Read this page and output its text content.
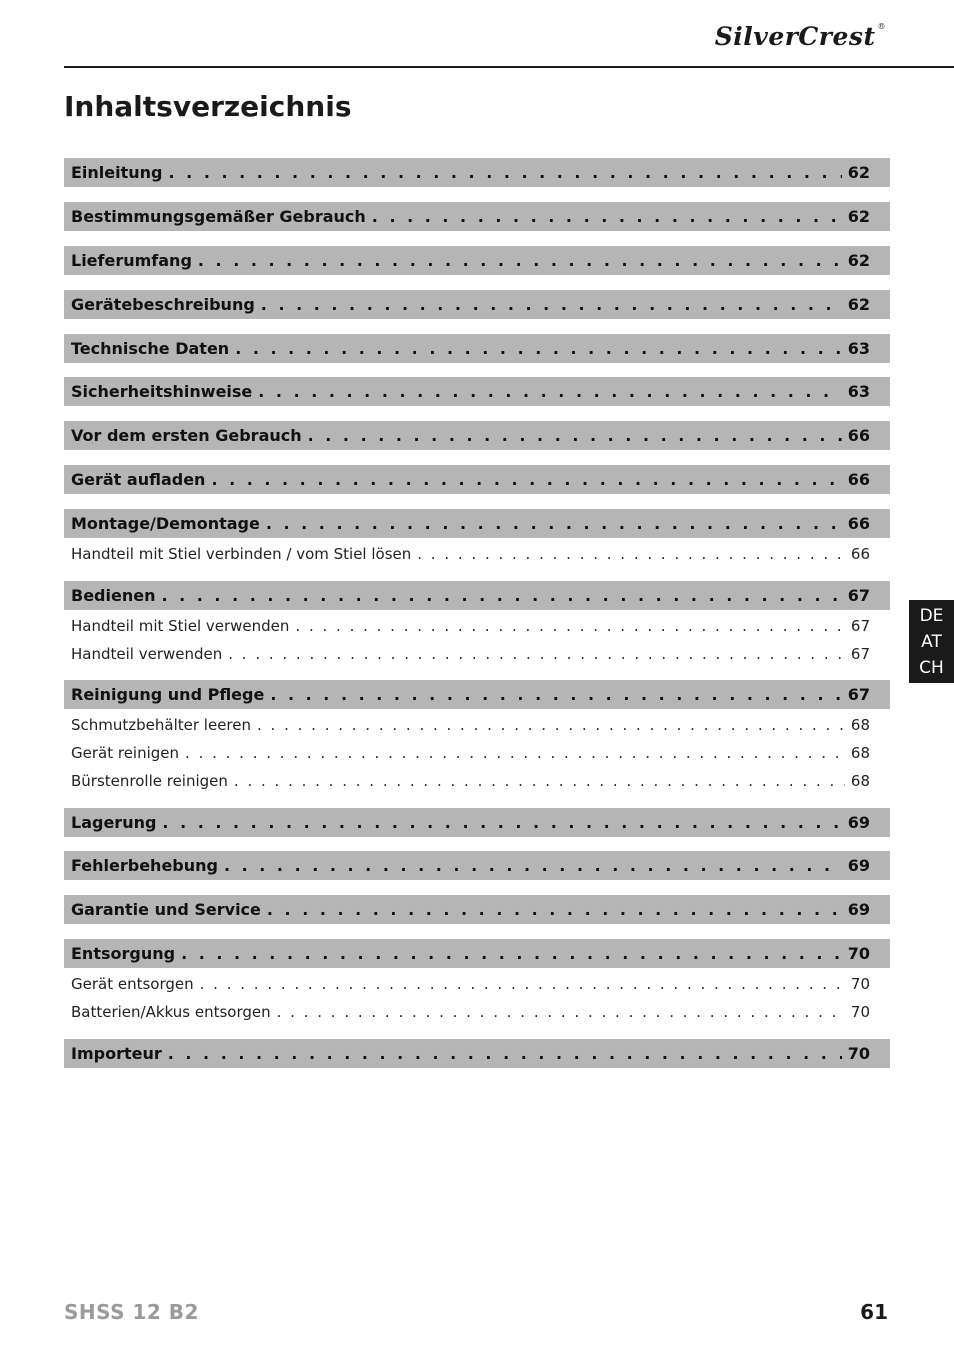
SilverCrest ®
Inhaltsverzeichnis
Einleitung . . .	62
Bestimmungsgemäßer Gebrauch . . .	62
Lieferumfang . . .	62
Gerätebeschreibung . . .	62
Technische Daten . . .	63
Sicherheitshinweise . . .	63
Vor dem ersten Gebrauch . . .	66
Gerät aufladen . . .	66
Montage/Demontage . . .	66
Handteil mit Stiel verbinden / vom Stiel lösen . . .	66
Bedienen . . .	67
Handteil mit Stiel verwenden . . .	67
Handteil verwenden . . .	67
Reinigung und Pflege . . .	67
Schmutzbehälter leeren . . .	68
Gerät reinigen . . .	68
Bürstenrolle reinigen . . .	68
Lagerung . . .	69
Fehlerbehebung . . .	69
Garantie und Service . . .	69
Entsorgung . . .	70
Gerät entsorgen . . .	70
Batterien/Akkus entsorgen . . .	70
Importeur . . .	70
DE
AT
CH
SHSS 12 B2	61
